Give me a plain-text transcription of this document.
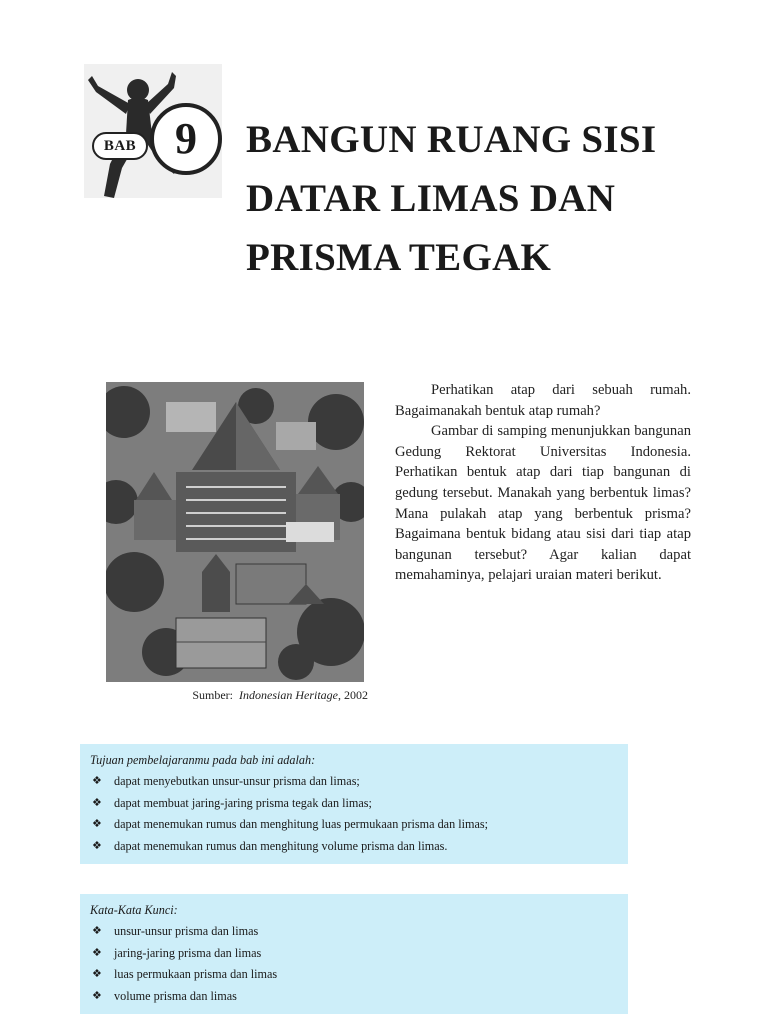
BAB 9	BANGUN RUANG SISI
DATAR LIMAS DAN
PRISMA TEGAK
Sumber: Indonesian Heritage, 2002

Perhatikan atap dari sebuah rumah. Bagaimanakah bentuk atap rumah?

Gambar di samping menunjukkan bangunan Gedung Rektorat Universitas Indonesia. Perhatikan bentuk atap dari tiap bangunan di gedung tersebut. Manakah yang berbentuk limas? Mana pulakah atap yang berbentuk prisma? Bagaimana bentuk bidang atau sisi dari tiap atap bangunan tersebut? Agar kalian dapat memahaminya, pelajari uraian materi berikut.

Tujuan pembelajaranmu pada bab ini adalah:
❖ dapat menyebutkan unsur-unsur prisma dan limas;
❖ dapat membuat jaring-jaring prisma tegak dan limas;
❖ dapat menemukan rumus dan menghitung luas permukaan prisma dan limas;
❖ dapat menemukan rumus dan menghitung volume prisma dan limas.
Kata-Kata Kunci:
❖ unsur-unsur prisma dan limas
❖ jaring-jaring prisma dan limas
❖ luas permukaan prisma dan limas
❖ volume prisma dan limas
